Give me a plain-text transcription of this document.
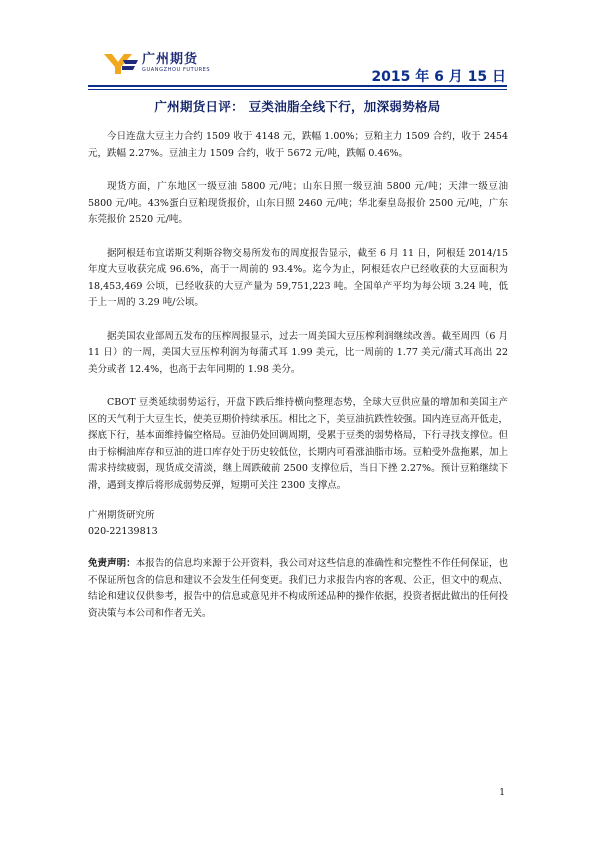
广州期货
GUANGZHOU FUTURES	2015 年 6 月 15 日
广州期货日评： 豆类油脂全线下行，加深弱势格局

今日连盘大豆主力合约 1509 收于 4148 元，跌幅 1.00%；豆粕主力 1509 合约，收于 2454 元，跌幅 2.27%。豆油主力 1509 合约，收于 5672 元/吨，跌幅 0.46%。

现货方面，广东地区一级豆油 5800 元/吨；山东日照一级豆油 5800 元/吨；天津一级豆油 5800 元/吨。43%蛋白豆粕现货报价，山东日照 2460 元/吨；华北秦皇岛报价 2500 元/吨，广东东莞报价 2520 元/吨。

据阿根廷布宜诺斯艾利斯谷物交易所发布的周度报告显示，截至 6 月 11 日，阿根廷 2014/15 年度大豆收获完成 96.6%，高于一周前的 93.4%。迄今为止，阿根廷农户已经收获的大豆面积为 18,453,469 公顷，已经收获的大豆产量为 59,751,223 吨。全国单产平均为每公顷 3.24 吨，低于上一周的 3.29 吨/公顷。

据美国农业部周五发布的压榨周报显示，过去一周美国大豆压榨利润继续改善。截至周四（6 月 11 日）的一周，美国大豆压榨利润为每蒲式耳 1.99 美元，比一周前的 1.77 美元/蒲式耳高出 22 美分或者 12.4%，也高于去年同期的 1.98 美分。

CBOT 豆类延续弱势运行，开盘下跌后维持横向整理态势，全球大豆供应量的增加和美国主产区的天气利于大豆生长，使美豆期价持续承压。相比之下，美豆油抗跌性较强。国内连豆高开低走，探底下行，基本面维持偏空格局。豆油仍处回调周期，受累于豆类的弱势格局，下行寻找支撑位。但由于棕榈油库存和豆油的进口库存处于历史较低位，长期内可看涨油脂市场。豆粕受外盘拖累，加上需求持续疲弱，现货成交清淡，继上周跌破前 2500 支撑位后，当日下挫 2.27%。预计豆粕继续下滑，遇到支撑后将形成弱势反弹，短期可关注 2300 支撑点。

广州期货研究所
020-22139813
免责声明：本报告的信息均来源于公开资料，我公司对这些信息的准确性和完整性不作任何保证，也不保证所包含的信息和建议不会发生任何变更。我们已力求报告内容的客观、公正，但文中的观点、结论和建议仅供参考，报告中的信息或意见并不构成所述品种的操作依据，投资者据此做出的任何投资决策与本公司和作者无关。
1
